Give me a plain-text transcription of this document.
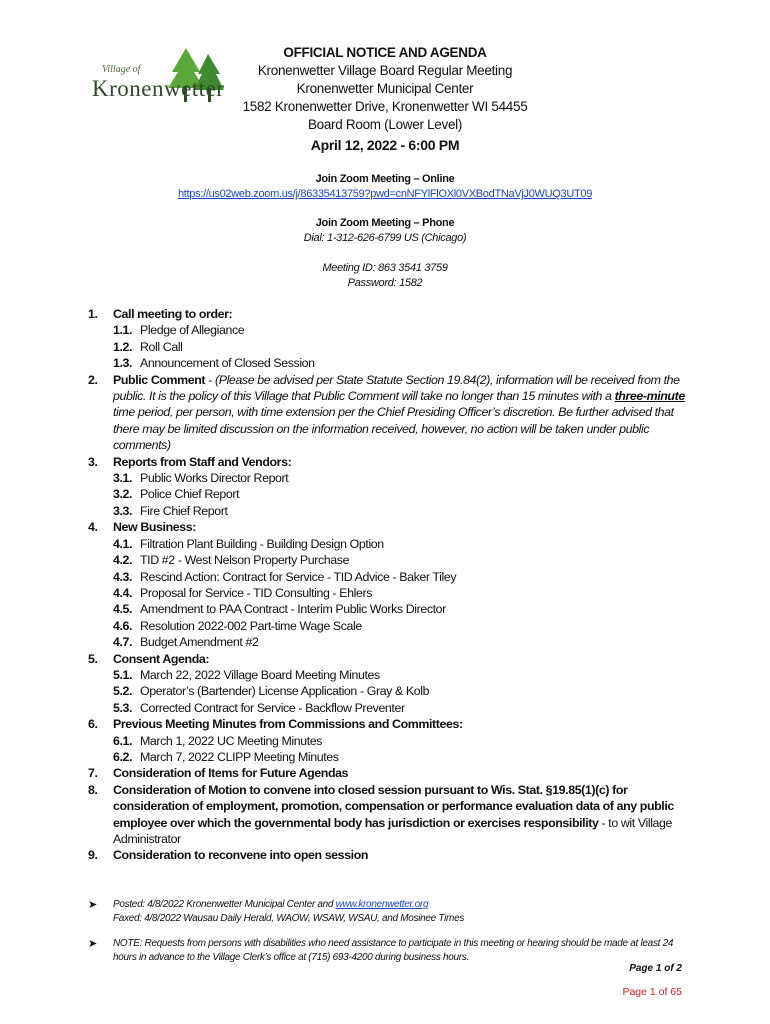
Village of
Kronenwetter
OFFICIAL NOTICE AND AGENDA
Kronenwetter Village Board Regular Meeting
Kronenwetter Municipal Center
1582 Kronenwetter Drive, Kronenwetter WI 54455
Board Room (Lower Level)
April 12, 2022 - 6:00 PM
Join Zoom Meeting – Online
https://us02web.zoom.us/j/86335413759?pwd=cnNFYlFlOXl0VXBodTNaVjJ0WUQ3UT09
Join Zoom Meeting – Phone
Dial: 1-312-626-6799 US (Chicago)
Meeting ID: 863 3541 3759
Password: 1582
1.	Call meeting to order:
1.1. Pledge of Allegiance
1.2. Roll Call
1.3. Announcement of Closed Session
2.	Public Comment - (Please be advised per State Statute Section 19.84(2), information will be received from the public. It is the policy of this Village that Public Comment will take no longer than 15 minutes with a three-minute time period, per person, with time extension per the Chief Presiding Officer’s discretion. Be further advised that there may be limited discussion on the information received, however, no action will be taken under public comments)
3.	Reports from Staff and Vendors:
3.1. Public Works Director Report
3.2. Police Chief Report
3.3. Fire Chief Report
4.	New Business:
4.1. Filtration Plant Building - Building Design Option
4.2. TID #2 - West Nelson Property Purchase
4.3. Rescind Action: Contract for Service - TID Advice - Baker Tiley
4.4. Proposal for Service - TID Consulting - Ehlers
4.5. Amendment to PAA Contract - Interim Public Works Director
4.6. Resolution 2022-002 Part-time Wage Scale
4.7. Budget Amendment #2
5.	Consent Agenda:
5.1. March 22, 2022 Village Board Meeting Minutes
5.2. Operator’s (Bartender) License Application - Gray & Kolb
5.3. Corrected Contract for Service - Backflow Preventer
6.	Previous Meeting Minutes from Commissions and Committees:
6.1. March 1, 2022 UC Meeting Minutes
6.2. March 7, 2022 CLIPP Meeting Minutes
7.	Consideration of Items for Future Agendas
8.	Consideration of Motion to convene into closed session pursuant to Wis. Stat. §19.85(1)(c) for consideration of employment, promotion, compensation or performance evaluation data of any public employee over which the governmental body has jurisdiction or exercises responsibility - to wit Village Administrator
9.	Consideration to reconvene into open session
➤	Posted: 4/8/2022 Kronenwetter Municipal Center and www.kronenwetter.org
Faxed: 4/8/2022 Wausau Daily Herald, WAOW, WSAW, WSAU, and Mosinee Times
➤	NOTE: Requests from persons with disabilities who need assistance to participate in this meeting or hearing should be made at least 24 hours in advance to the Village Clerk’s office at (715) 693-4200 during business hours.
Page 1 of 2
Page 1 of 65
